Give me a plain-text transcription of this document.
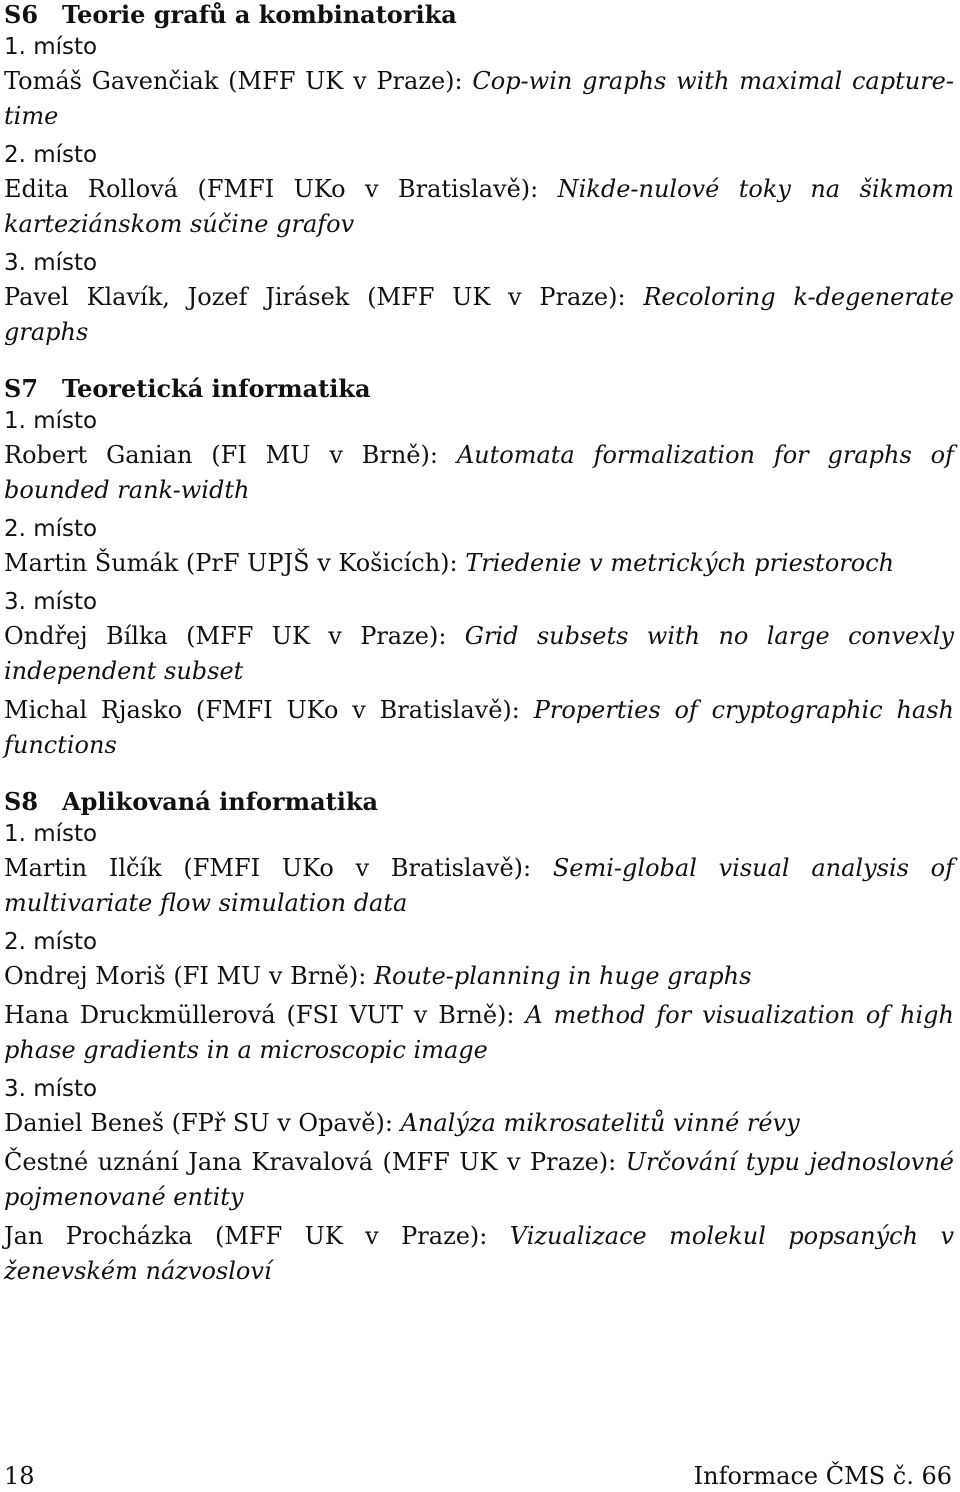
S6 Teorie grafů a kombinatorika
1. místo
Tomáš Gavenčiak (MFF UK v Praze): Cop-win graphs with maximal capture-time
2. místo
Edita Rollová (FMFI UKo v Bratislavě): Nikde-nulové toky na šikmom karteziánskom súčine grafov
3. místo
Pavel Klavík, Jozef Jirásek (MFF UK v Praze): Recoloring k-degenerate graphs
S7 Teoretická informatika
1. místo
Robert Ganian (FI MU v Brně): Automata formalization for graphs of bounded rank-width
2. místo
Martin Šumák (PrF UPJŠ v Košicích): Triedenie v metrických priestoroch
3. místo
Ondřej Bílka (MFF UK v Praze): Grid subsets with no large convexly independent subset
Michal Rjasko (FMFI UKo v Bratislavě): Properties of cryptographic hash functions
S8 Aplikovaná informatika
1. místo
Martin Ilčík (FMFI UKo v Bratislavě): Semi-global visual analysis of multivariate flow simulation data
2. místo
Ondrej Moriš (FI MU v Brně): Route-planning in huge graphs
Hana Druckmüllerová (FSI VUT v Brně): A method for visualization of high phase gradients in a microscopic image
3. místo
Daniel Beneš (FPř SU v Opavě): Analýza mikrosatelitů vinné révy
Čestné uznání Jana Kravalová (MFF UK v Praze): Určování typu jednoslovné pojmenované entity
Jan Procházka (MFF UK v Praze): Vizualizace molekul popsaných v ženevském názvosloví
18	Informace ČMS č. 66
